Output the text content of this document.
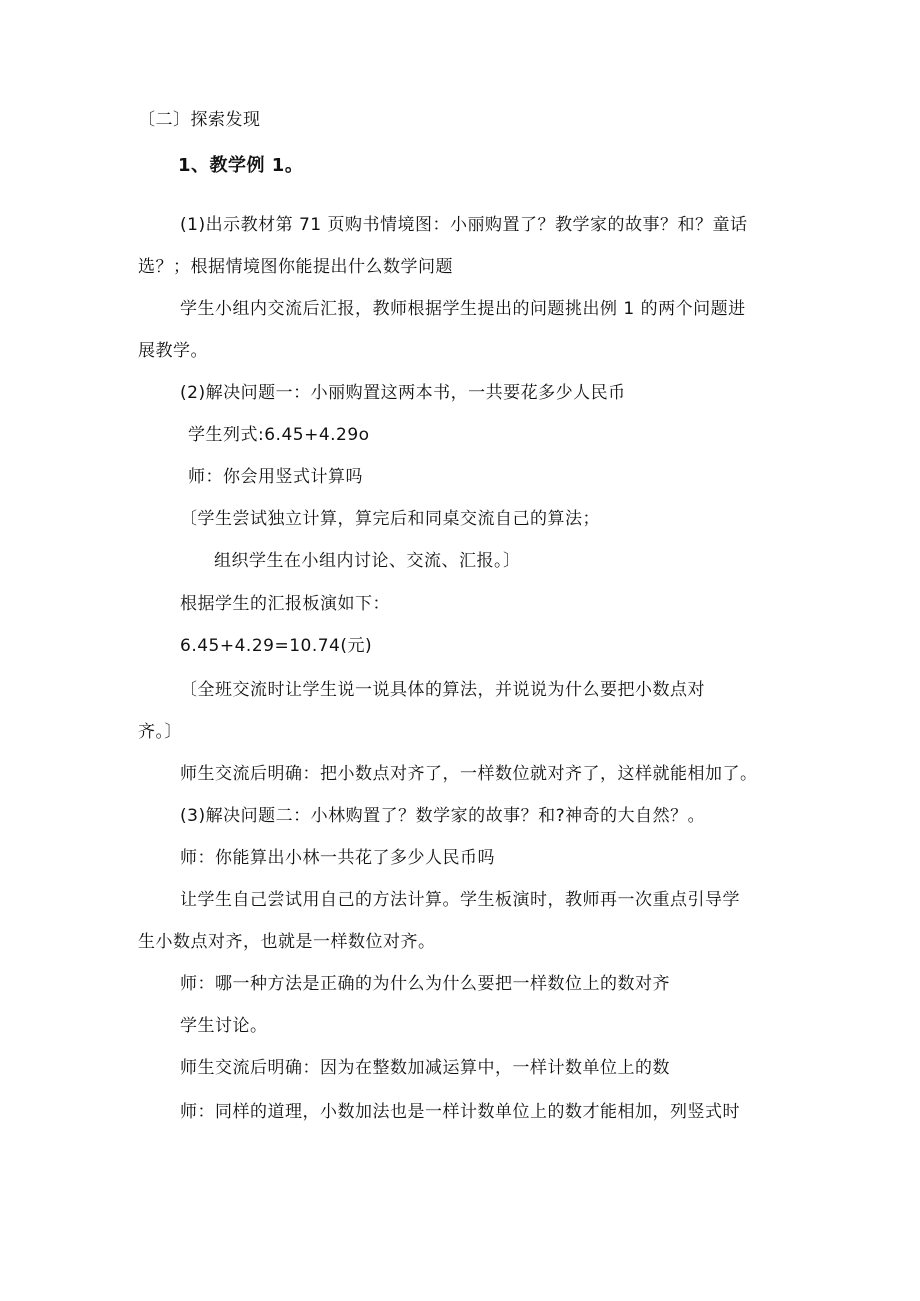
〔二〕探索发现
1、教学例 1。
(1)出示教材第 71 页购书情境图：小丽购置了？教学家的故事？和？童话
选？；根据情境图你能提出什么数学问题
学生小组内交流后汇报，教师根据学生提出的问题挑出例 1 的两个问题进
展教学。
(2)解决问题一：小丽购置这两本书，一共要花多少人民币
学生列式:6.45+4.29o
师：你会用竖式计算吗
〔学生尝试独立计算，算完后和同桌交流自己的算法；
组织学生在小组内讨论、交流、汇报。〕
根据学生的汇报板演如下：
6.45+4.29=10.74(元)
〔全班交流时让学生说一说具体的算法，并说说为什么要把小数点对
齐。〕
师生交流后明确：把小数点对齐了，一样数位就对齐了，这样就能相加了。
(3)解决问题二：小林购置了？数学家的故事？和?神奇的大自然？。
师：你能算出小林一共花了多少人民币吗
让学生自己尝试用自己的方法计算。学生板演时，教师再一次重点引导学
生小数点对齐，也就是一样数位对齐。
师：哪一种方法是正确的为什么为什么要把一样数位上的数对齐
学生讨论。
师生交流后明确：因为在整数加减运算中，一样计数单位上的数
师：同样的道理，小数加法也是一样计数单位上的数才能相加，列竖式时
